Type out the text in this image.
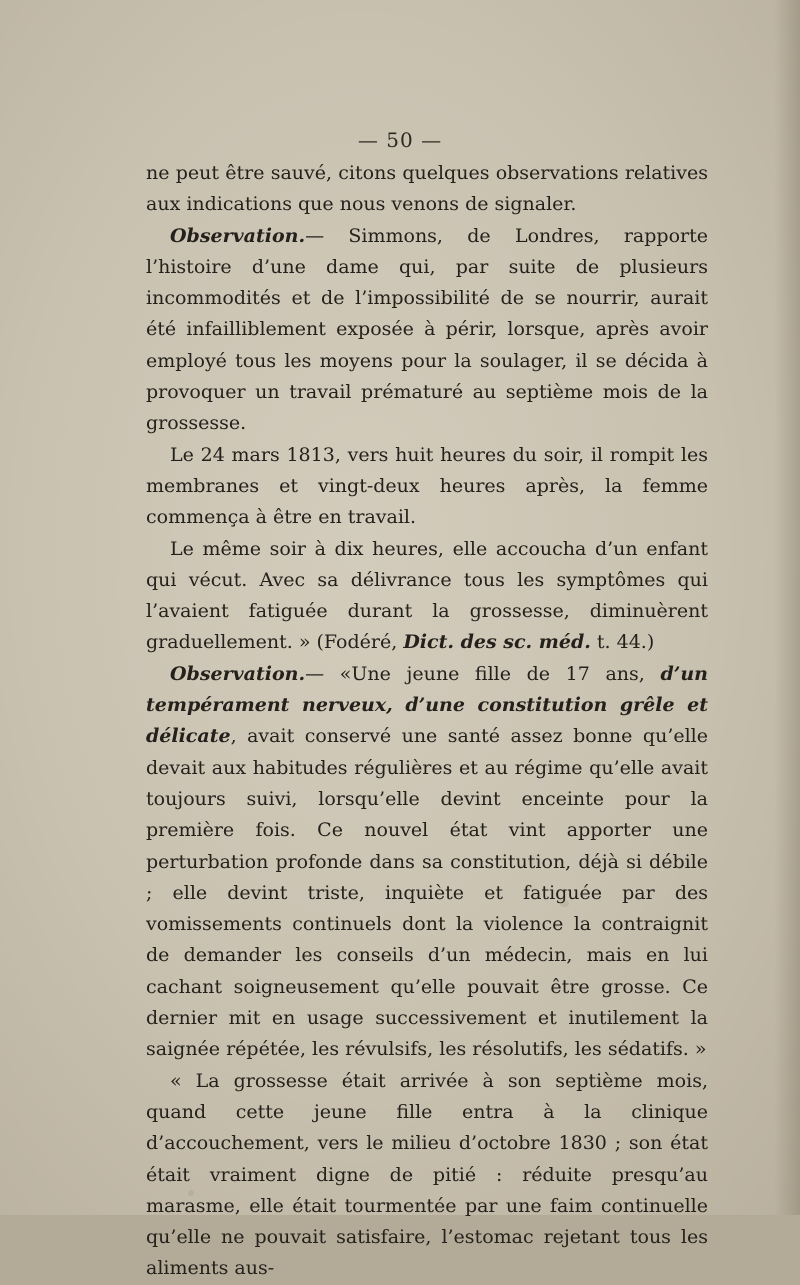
— 50 —

ne peut être sauvé, citons quelques observations relatives aux indications que nous venons de signaler.

Observation.— Simmons, de Londres, rapporte l’histoire d’une dame qui, par suite de plusieurs incommodités et de l’impossibilité de se nourrir, aurait été infailliblement exposée à périr, lorsque, après avoir employé tous les moyens pour la soulager, il se décida à provoquer un travail prématuré au septième mois de la grossesse.

Le 24 mars 1813, vers huit heures du soir, il rompit les membranes et vingt-deux heures après, la femme commença à être en travail.

Le même soir à dix heures, elle accoucha d’un enfant qui vécut. Avec sa délivrance tous les symptômes qui l’avaient fatiguée durant la grossesse, diminuèrent graduellement. » (Fodéré, Dict. des sc. méd. t. 44.)

Observation.— «Une jeune fille de 17 ans, d’un tempérament nerveux, d’une constitution grêle et délicate, avait conservé une santé assez bonne qu’elle devait aux habitudes régulières et au régime qu’elle avait toujours suivi, lorsqu’elle devint enceinte pour la première fois. Ce nouvel état vint apporter une perturbation profonde dans sa constitution, déjà si débile ; elle devint triste, inquiète et fatiguée par des vomissements continuels dont la violence la contraignit de demander les conseils d’un médecin, mais en lui cachant soigneusement qu’elle pouvait être grosse. Ce dernier mit en usage successivement et inutilement la saignée répétée, les révulsifs, les résolutifs, les sédatifs. »

« La grossesse était arrivée à son septième mois, quand cette jeune fille entra à la clinique d’accouchement, vers le milieu d’octobre 1830 ; son état était vraiment digne de pitié : réduite presqu’au marasme, elle était tourmentée par une faim continuelle qu’elle ne pouvait satisfaire, l’estomac rejetant tous les aliments aus-
